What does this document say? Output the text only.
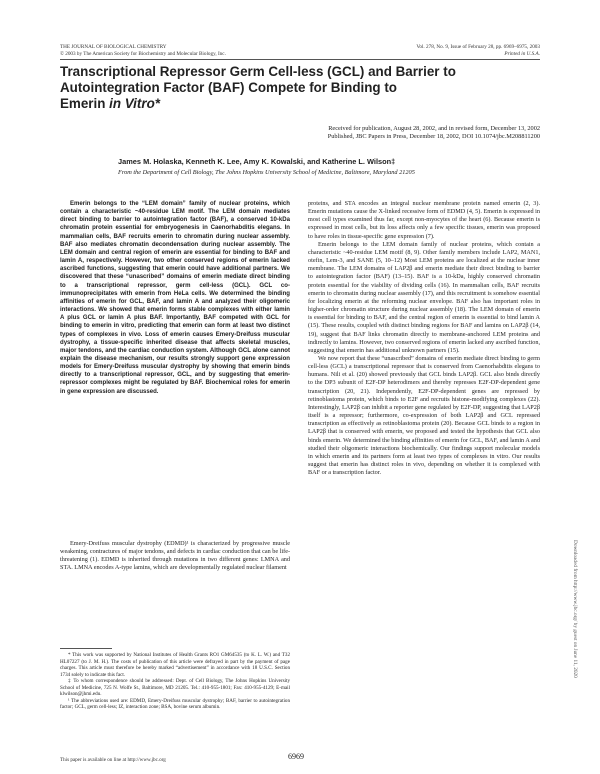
THE JOURNAL OF BIOLOGICAL CHEMISTRY
© 2003 by The American Society for Biochemistry and Molecular Biology, Inc.
Vol. 278, No. 9, Issue of February 28, pp. 6969–6975, 2003
Printed in U.S.A.
Transcriptional Repressor Germ Cell-less (GCL) and Barrier to
Autointegration Factor (BAF) Compete for Binding to
Emerin in Vitro*
Received for publication, August 28, 2002, and in revised form, December 13, 2002
Published, JBC Papers in Press, December 18, 2002, DOI 10.1074/jbc.M208811200
James M. Holaska, Kenneth K. Lee, Amy K. Kowalski, and Katherine L. Wilson‡
From the Department of Cell Biology, The Johns Hopkins University School of Medicine, Baltimore, Maryland 21205

Emerin belongs to the “LEM domain” family of nuclear proteins, which contain a characteristic ~40-residue LEM motif. The LEM domain mediates direct binding to barrier to autointegration factor (BAF), a conserved 10-kDa chromatin protein essential for embryogenesis in Caenorhabditis elegans. In mammalian cells, BAF recruits emerin to chromatin during nuclear assembly. BAF also mediates chromatin decondensation during nuclear assembly. The LEM domain and central region of emerin are essential for binding to BAF and lamin A, respectively. However, two other conserved regions of emerin lacked ascribed functions, suggesting that emerin could have additional partners. We discovered that these “unascribed” domains of emerin mediate direct binding to a transcriptional repressor, germ cell-less (GCL). GCL co-immunoprecipitates with emerin from HeLa cells. We determined the binding affinities of emerin for GCL, BAF, and lamin A and analyzed their oligomeric interactions. We showed that emerin forms stable complexes with either lamin A plus GCL or lamin A plus BAF. Importantly, BAF competed with GCL for binding to emerin in vitro, predicting that emerin can form at least two distinct types of complexes in vivo. Loss of emerin causes Emery-Dreifuss muscular dystrophy, a tissue-specific inherited disease that affects skeletal muscles, major tendons, and the cardiac conduction system. Although GCL alone cannot explain the disease mechanism, our results strongly support gene expression models for Emery-Dreifuss muscular dystrophy by showing that emerin binds directly to a transcriptional repressor, GCL, and by suggesting that emerin-repressor complexes might be regulated by BAF. Biochemical roles for emerin in gene expression are discussed.

Emery-Dreifuss muscular dystrophy (EDMD)¹ is characterized by progressive muscle weakening, contractures of major tendons, and defects in cardiac conduction that can be life-threatening (1). EDMD is inherited through mutations in two different genes: LMNA and STA. LMNA encodes A-type lamins, which are developmentally regulated nuclear filament

* This work was supported by National Institutes of Health Grants RO1 GM64535 (to K. L. W.) and T32 HL07227 (to J. M. H.). The costs of publication of this article were defrayed in part by the payment of page charges. This article must therefore be hereby marked “advertisement” in accordance with 18 U.S.C. Section 1734 solely to indicate this fact.

‡ To whom correspondence should be addressed: Dept. of Cell Biology, The Johns Hopkins University School of Medicine, 725 N. Wolfe St., Baltimore, MD 21205. Tel.: 410-955-1801; Fax: 410-955-4129; E-mail klwilson@jhmi.edu.

¹ The abbreviations used are: EDMD, Emery-Dreifuss muscular dystrophy; BAF, barrier to autointegration factor; GCL, germ cell-less; IZ, interaction zone; BSA, bovine serum albumin.

proteins, and STA encodes an integral nuclear membrane protein named emerin (2, 3). Emerin mutations cause the X-linked recessive form of EDMD (4, 5). Emerin is expressed in most cell types examined thus far, except non-myocytes of the heart (6). Because emerin is expressed in most cells, but its loss affects only a few specific tissues, emerin was proposed to have roles in tissue-specific gene expression (7).

Emerin belongs to the LEM domain family of nuclear proteins, which contain a characteristic ~40-residue LEM motif (8, 9). Other family members include LAP2, MAN1, otefin, Lem-3, and SANE (5, 10–12) Most LEM proteins are localized at the nuclear inner membrane. The LEM domains of LAP2β and emerin mediate their direct binding to barrier to autointegration factor (BAF) (13–15). BAF is a 10-kDa, highly conserved chromatin protein essential for the viability of dividing cells (16). In mammalian cells, BAF recruits emerin to chromatin during nuclear assembly (17), and this recruitment is somehow essential for localizing emerin at the reforming nuclear envelope. BAF also has important roles in higher-order chromatin structure during nuclear assembly (18). The LEM domain of emerin is essential for binding to BAF, and the central region of emerin is essential to bind lamin A (15). These results, coupled with distinct binding regions for BAF and lamins on LAP2β (14, 19), suggest that BAF links chromatin directly to membrane-anchored LEM proteins and indirectly to lamins. However, two conserved regions of emerin lacked any ascribed function, suggesting that emerin has additional unknown partners (15).

We now report that these “unascribed” domains of emerin mediate direct binding to germ cell-less (GCL) a transcriptional repressor that is conserved from Caenorhabditis elegans to humans. Nili et al. (20) showed previously that GCL binds LAP2β. GCL also binds directly to the DP3 subunit of E2F-DP heterodimers and thereby represses E2F-DP-dependent gene transcription (20, 21). Independently, E2F-DP-dependent genes are repressed by retinoblastoma protein, which binds to E2F and recruits histone-modifying complexes (22). Interestingly, LAP2β can inhibit a reporter gene regulated by E2F-DP, suggesting that LAP2β itself is a repressor; furthermore, co-expression of both LAP2β and GCL repressed transcription as effectively as retinoblastoma protein (20). Because GCL binds to a region in LAP2β that is conserved with emerin, we proposed and tested the hypothesis that GCL also binds emerin. We determined the binding affinities of emerin for GCL, BAF, and lamin A and studied their oligomeric interactions biochemically. Our findings support molecular models in which emerin and its partners form at least two types of complexes in vitro. Our results suggest that emerin has distinct roles in vivo, depending on whether it is complexed with BAF or a transcription factor.

Downloaded from http://www.jbc.org/ by guest on June 11, 2020
This paper is available on line at http://www.jbc.org	6969
